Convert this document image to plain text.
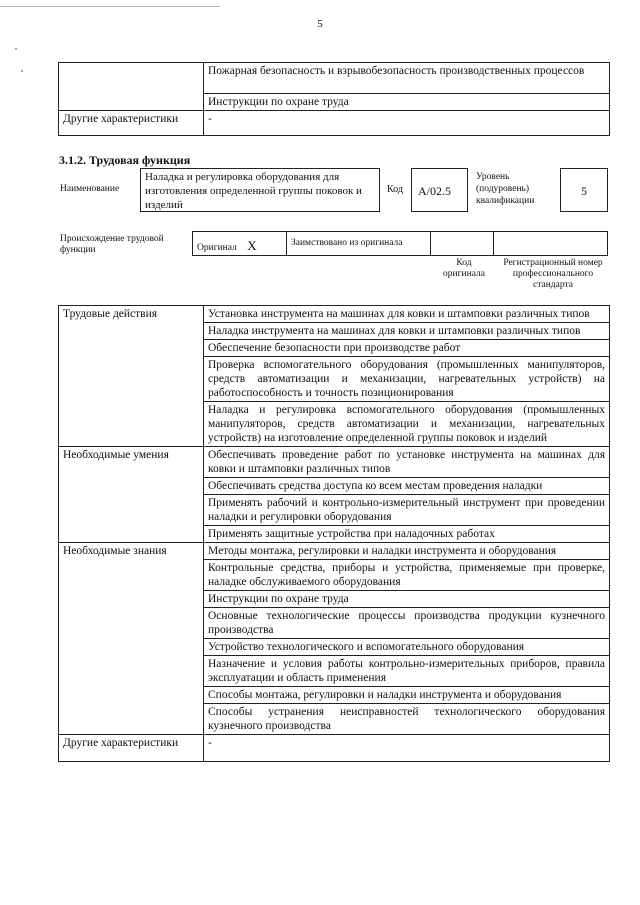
5
	Пожарная безопасность и взрывобезопасность производственных процессов
	Инструкции по охране труда
Другие характеристики	-
3.1.2. Трудовая функция
Наименование
Наладка и регулировка оборудования для изготовления определенной группы поковок и изделий
Код	А/02.5
Уровень (подуровень) квалификации
5
Происхождение трудовой функции	Оригинал X	Заимствовано из оригинала
Код оригинала
Регистрационный номер профессионального стандарта
Трудовые действия	Установка инструмента на машинах для ковки и штамповки различных типов
	Наладка инструмента на машинах для ковки и штамповки различных типов
	Обеспечение безопасности при производстве работ
	Проверка вспомогательного оборудования (промышленных манипуляторов, средств автоматизации и механизации, нагревательных устройств) на работоспособность и точность позиционирования
	Наладка и регулировка вспомогательного оборудования (промышленных манипуляторов, средств автоматизации и механизации, нагревательных устройств) на изготовление определенной группы поковок и изделий
Необходимые умения	Обеспечивать проведение работ по установке инструмента на машинах для ковки и штамповки различных типов
	Обеспечивать средства доступа ко всем местам проведения наладки
	Применять рабочий и контрольно-измерительный инструмент при проведении наладки и регулировки оборудования
	Применять защитные устройства при наладочных работах
Необходимые знания	Методы монтажа, регулировки и наладки инструмента и оборудования
	Контрольные средства, приборы и устройства, применяемые при проверке, наладке обслуживаемого оборудования
	Инструкции по охране труда
	Основные технологические процессы производства продукции кузнечного производства
	Устройство технологического и вспомогательного оборудования
	Назначение и условия работы контрольно-измерительных приборов, правила эксплуатации и область применения
	Способы монтажа, регулировки и наладки инструмента и оборудования
	Способы устранения неисправностей технологического оборудования кузнечного производства
Другие характеристики	-
